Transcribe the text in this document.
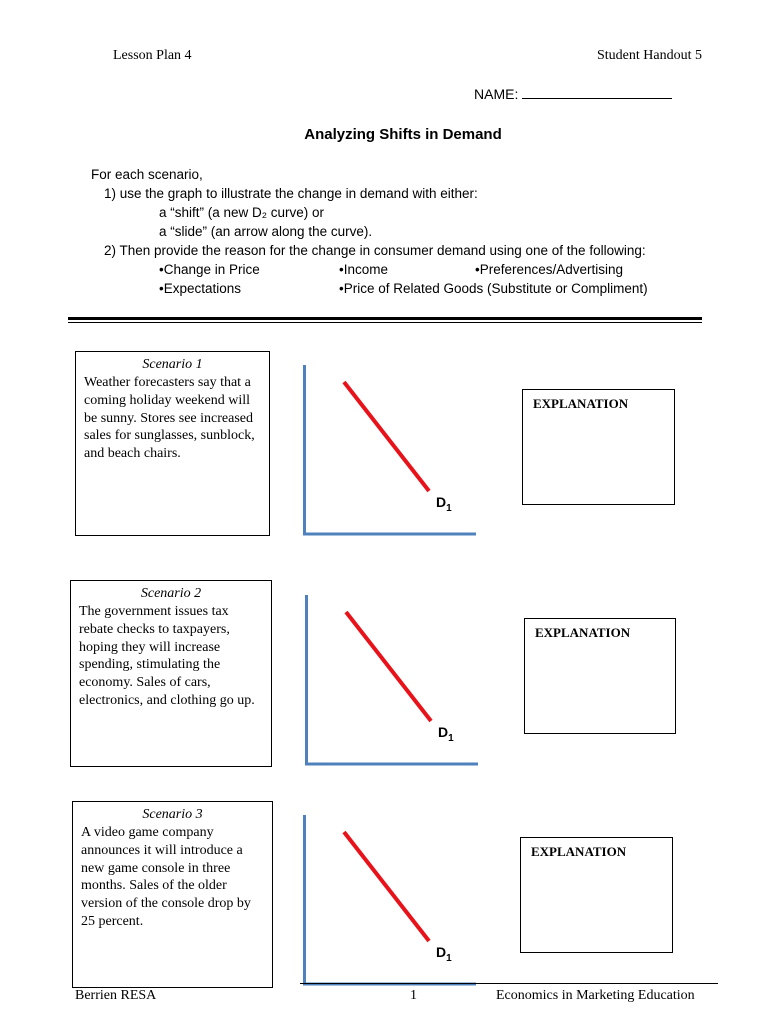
Lesson Plan 4	Student Handout 5
NAME:
Analyzing Shifts in Demand
For each scenario,
1) use the graph to illustrate the change in demand with either:
a “shift” (a new D₂ curve) or
a “slide” (an arrow along the curve).
2) Then provide the reason for the change in consumer demand using one of the following:
•Change in Price	•Income	•Preferences/Advertising
•Expectations	•Price of Related Goods (Substitute or Compliment)
Scenario 1
Weather forecasters say that a coming holiday weekend will be sunny. Stores see increased sales for sunglasses, sunblock, and beach chairs.
$D_1$
EXPLANATION
Scenario 2
The government issues tax rebate checks to taxpayers, hoping they will increase spending, stimulating the economy. Sales of cars, electronics, and clothing go up.
$D_1$
EXPLANATION
Scenario 3
A video game company announces it will introduce a new game console in three months. Sales of the older version of the console drop by 25 percent.
$D_1$
EXPLANATION
Berrien RESA	1	Economics in Marketing Education
